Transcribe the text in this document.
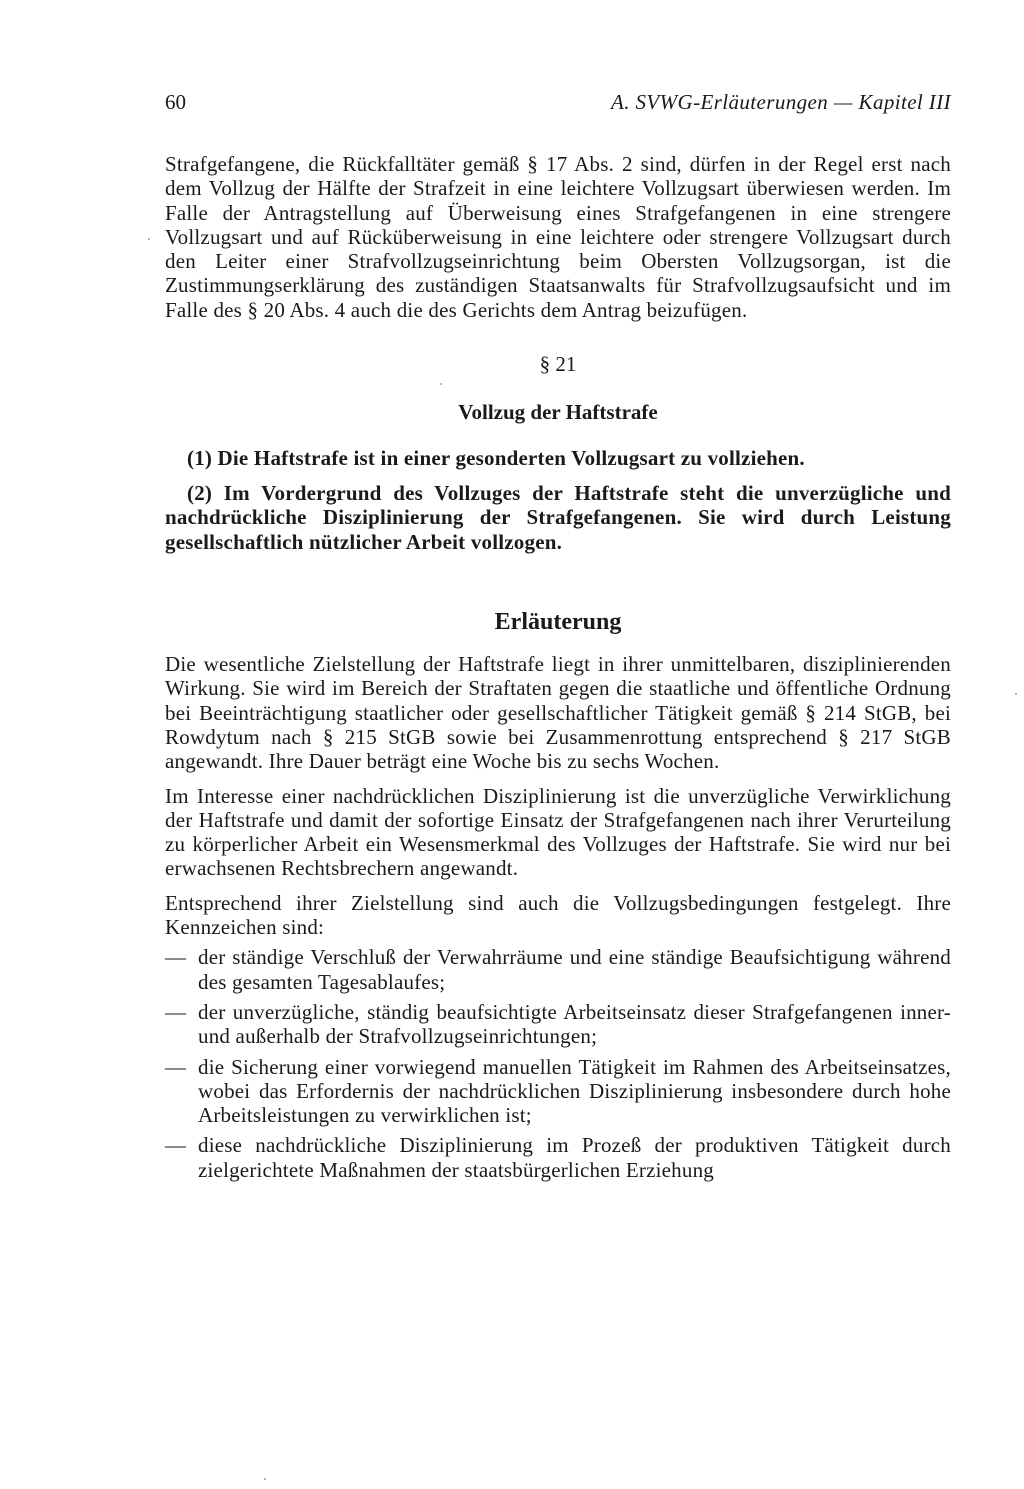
60	A. SVWG-Erläuterungen — Kapitel III

Strafgefangene, die Rückfalltäter gemäß § 17 Abs. 2 sind, dürfen in der Regel erst nach dem Vollzug der Hälfte der Strafzeit in eine leichtere Vollzugsart überwiesen werden. Im Falle der Antragstellung auf Überweisung eines Strafgefangenen in eine strengere Vollzugsart und auf Rücküberweisung in eine leichtere oder strengere Vollzugsart durch den Leiter einer Strafvollzugseinrichtung beim Obersten Vollzugsorgan, ist die Zustimmungserklärung des zuständigen Staatsanwalts für Strafvollzugsaufsicht und im Falle des § 20 Abs. 4 auch die des Gerichts dem Antrag beizufügen.

§ 21
Vollzug der Haftstrafe

(1) Die Haftstrafe ist in einer gesonderten Vollzugsart zu vollziehen.

(2) Im Vordergrund des Vollzuges der Haftstrafe steht die unverzügliche und nachdrückliche Disziplinierung der Strafgefangenen. Sie wird durch Leistung gesellschaftlich nützlicher Arbeit vollzogen.

Erläuterung

Die wesentliche Zielstellung der Haftstrafe liegt in ihrer unmittelbaren, disziplinierenden Wirkung. Sie wird im Bereich der Straftaten gegen die staatliche und öffentliche Ordnung bei Beeinträchtigung staatlicher oder gesellschaftlicher Tätigkeit gemäß § 214 StGB, bei Rowdytum nach § 215 StGB sowie bei Zusammenrottung entsprechend § 217 StGB angewandt. Ihre Dauer beträgt eine Woche bis zu sechs Wochen.

Im Interesse einer nachdrücklichen Disziplinierung ist die unverzügliche Verwirklichung der Haftstrafe und damit der sofortige Einsatz der Strafgefangenen nach ihrer Verurteilung zu körperlicher Arbeit ein Wesensmerkmal des Vollzuges der Haftstrafe. Sie wird nur bei erwachsenen Rechtsbrechern angewandt.

Entsprechend ihrer Zielstellung sind auch die Vollzugsbedingungen festgelegt. Ihre Kennzeichen sind:

— der ständige Verschluß der Verwahrräume und eine ständige Beaufsichtigung während des gesamten Tagesablaufes;

— der unverzügliche, ständig beaufsichtigte Arbeitseinsatz dieser Strafgefangenen inner- und außerhalb der Strafvollzugseinrichtungen;

— die Sicherung einer vorwiegend manuellen Tätigkeit im Rahmen des Arbeitseinsatzes, wobei das Erfordernis der nachdrücklichen Disziplinierung insbesondere durch hohe Arbeitsleistungen zu verwirklichen ist;

— diese nachdrückliche Disziplinierung im Prozeß der produktiven Tätigkeit durch zielgerichtete Maßnahmen der staatsbürgerlichen Erziehung
